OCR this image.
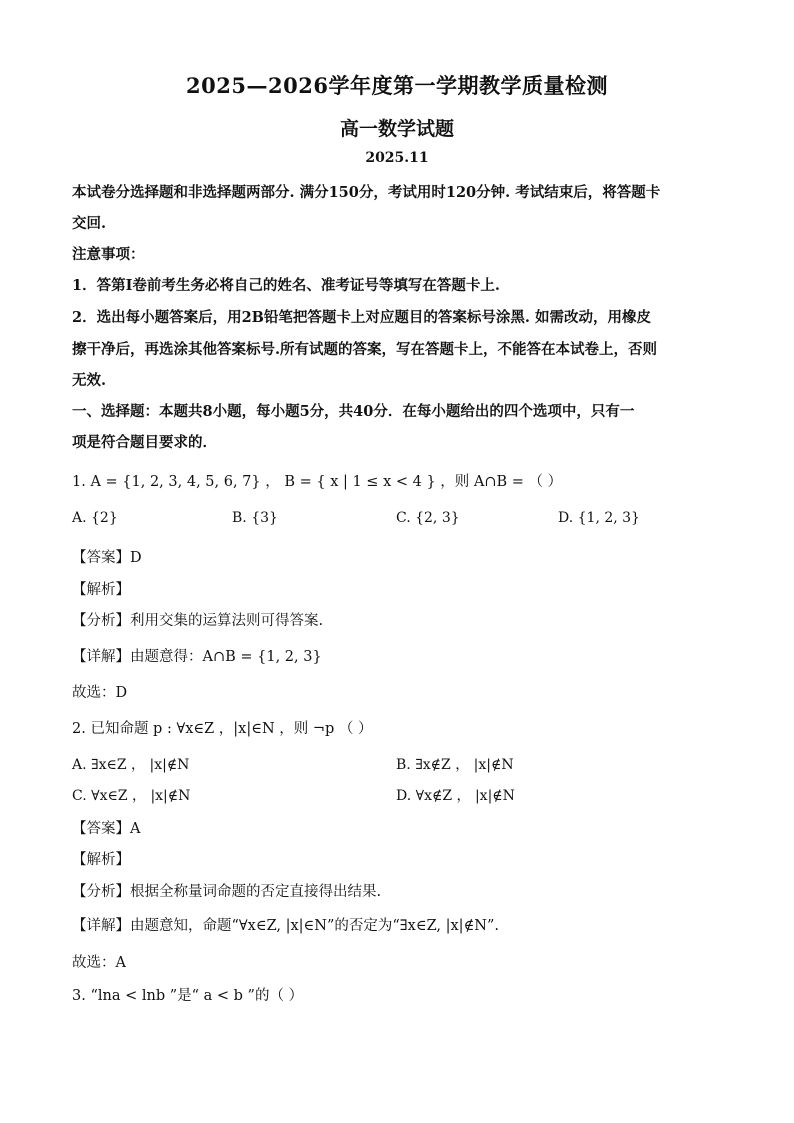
2025—2026学年度第一学期教学质量检测
高一数学试题
2025.11
本试卷分选择题和非选择题两部分. 满分150分，考试用时120分钟. 考试结束后，将答题卡
交回.
注意事项：
1．答第I卷前考生务必将自己的姓名、准考证号等填写在答题卡上.
2．选出每小题答案后，用2B铅笔把答题卡上对应题目的答案标号涂黑. 如需改动，用橡皮
擦干净后，再选涂其他答案标号.所有试题的答案，写在答题卡上，不能答在本试卷上，否则
无效.
一、选择题：本题共8小题，每小题5分，共40分．在每小题给出的四个选项中，只有一
项是符合题目要求的．
1. A = {1, 2, 3, 4, 5, 6, 7} ， B = { x | 1 ≤ x < 4 } ，则 A∩B = （ ）
A. {2}	B. {3}	C. {2, 3}	D. {1, 2, 3}
【答案】D
【解析】
【分析】利用交集的运算法则可得答案.
【详解】由题意得：A∩B = {1, 2, 3}
故选：D
2. 已知命题 p : ∀x∈Z ，|x|∈N ，则 ¬p （ ）
A. ∃x∈Z ， |x|∉N	B. ∃x∉Z ， |x|∉N
C. ∀x∈Z ， |x|∉N	D. ∀x∉Z ， |x|∉N
【答案】A
【解析】
【分析】根据全称量词命题的否定直接得出结果.
【详解】由题意知，命题“∀x∈Z, |x|∈N”的否定为“∃x∈Z, |x|∉N”.
故选：A
3. “lna < lnb ”是“ a < b ”的（ ）
